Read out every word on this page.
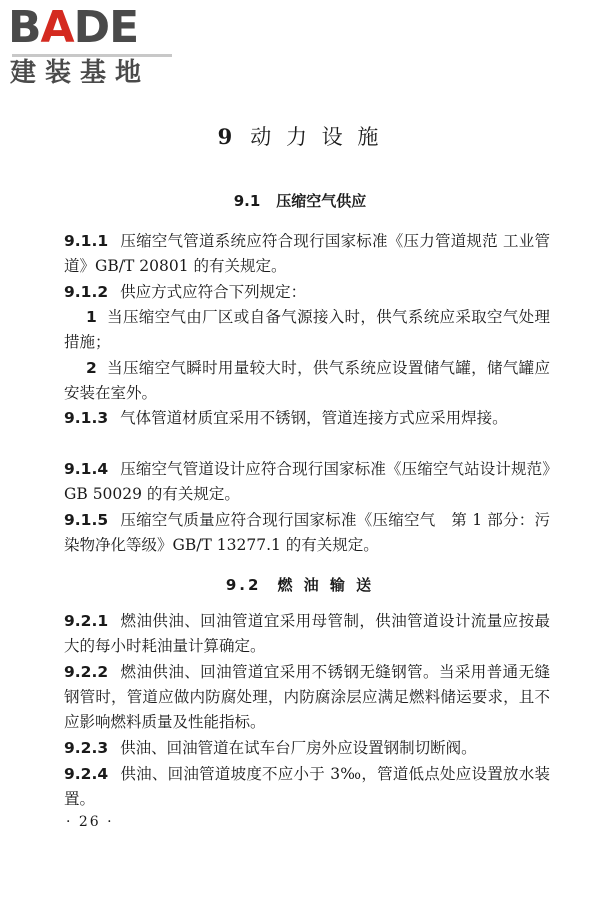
BADE
建装基地
9 动 力 设 施
9.1 压缩空气供应

9.1.1 压缩空气管道系统应符合现行国家标准《压力管道规范 工业管道》GB/T 20801 的有关规定。

9.1.2 供应方式应符合下列规定：

1 当压缩空气由厂区或自备气源接入时，供气系统应采取空气处理措施；

2 当压缩空气瞬时用量较大时，供气系统应设置储气罐，储气罐应安装在室外。

9.1.3 气体管道材质宜采用不锈钢，管道连接方式应采用焊接。

9.1.4 压缩空气管道设计应符合现行国家标准《压缩空气站设计规范》GB 50029 的有关规定。

9.1.5 压缩空气质量应符合现行国家标准《压缩空气　第 1 部分：污染物净化等级》GB/T 13277.1 的有关规定。

9.2 燃 油 输 送

9.2.1 燃油供油、回油管道宜采用母管制，供油管道设计流量应按最大的每小时耗油量计算确定。

9.2.2 燃油供油、回油管道宜采用不锈钢无缝钢管。当采用普通无缝钢管时，管道应做内防腐处理，内防腐涂层应满足燃料储运要求，且不应影响燃料质量及性能指标。

9.2.3 供油、回油管道在试车台厂房外应设置钢制切断阀。

9.2.4 供油、回油管道坡度不应小于 3‰，管道低点处应设置放水装置。

· 26 ·
